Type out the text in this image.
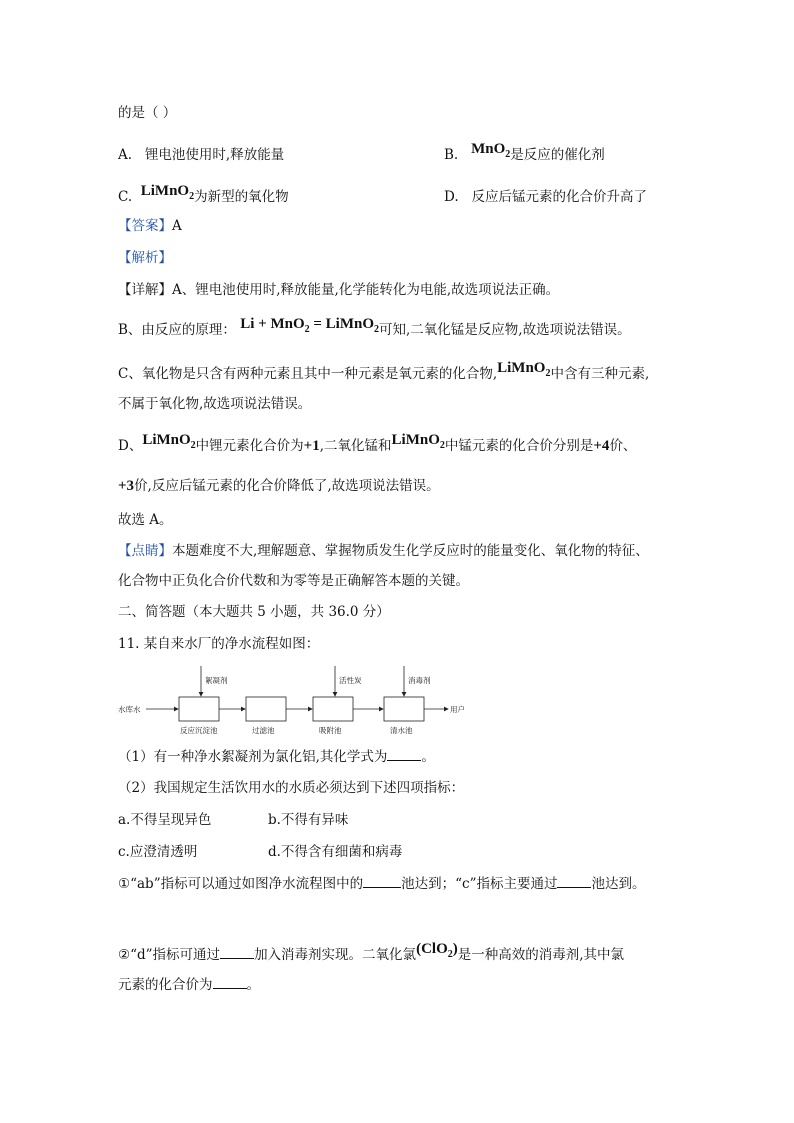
的是（ ）
A. 锂电池使用时,释放能量	B. MnO$_2$是反应的催化剂
C. LiMnO$_2$为新型的氧化物	D. 反应后锰元素的化合价升高了
【答案】A
【解析】
【详解】A、锂电池使用时,释放能量,化学能转化为电能,故选项说法正确。
B、由反应的原理： Li + MnO$_2$ = LiMnO$_2$可知,二氧化锰是反应物,故选项说法错误。
C、氧化物是只含有两种元素且其中一种元素是氧元素的化合物,LiMnO$_2$中含有三种元素,
不属于氧化物,故选项说法错误。
D、LiMnO$_2$中锂元素化合价为+1,二氧化锰和LiMnO$_2$中锰元素的化合价分别是+4价、
+3价,反应后锰元素的化合价降低了,故选项说法错误。
故选 A。
【点睛】本题难度不大,理解题意、掌握物质发生化学反应时的能量变化、氧化物的特征、
化合物中正负化合价代数和为零等是正确解答本题的关键。
二、简答题（本大题共 5 小题，共 36.0 分）
11. 某自来水厂的净水流程如图：
水库水	用户
絮凝剂	活性炭	消毒剂
反应沉淀池	过滤池	吸附池	清水池
（1）有一种净水絮凝剂为氯化铝,其化学式为	。
（2）我国规定生活饮用水的水质必须达到下述四项指标：
a.不得呈现异色	b.不得有异味
c.应澄清透明	d.不得含有细菌和病毒
①“ab”指标可以通过如图净水流程图中的	池达到；“c”指标主要通过	池达到。
②“d”指标可通过	加入消毒剂实现。二氧化氯(ClO$_2$)是一种高效的消毒剂,其中氯
元素的化合价为	。
